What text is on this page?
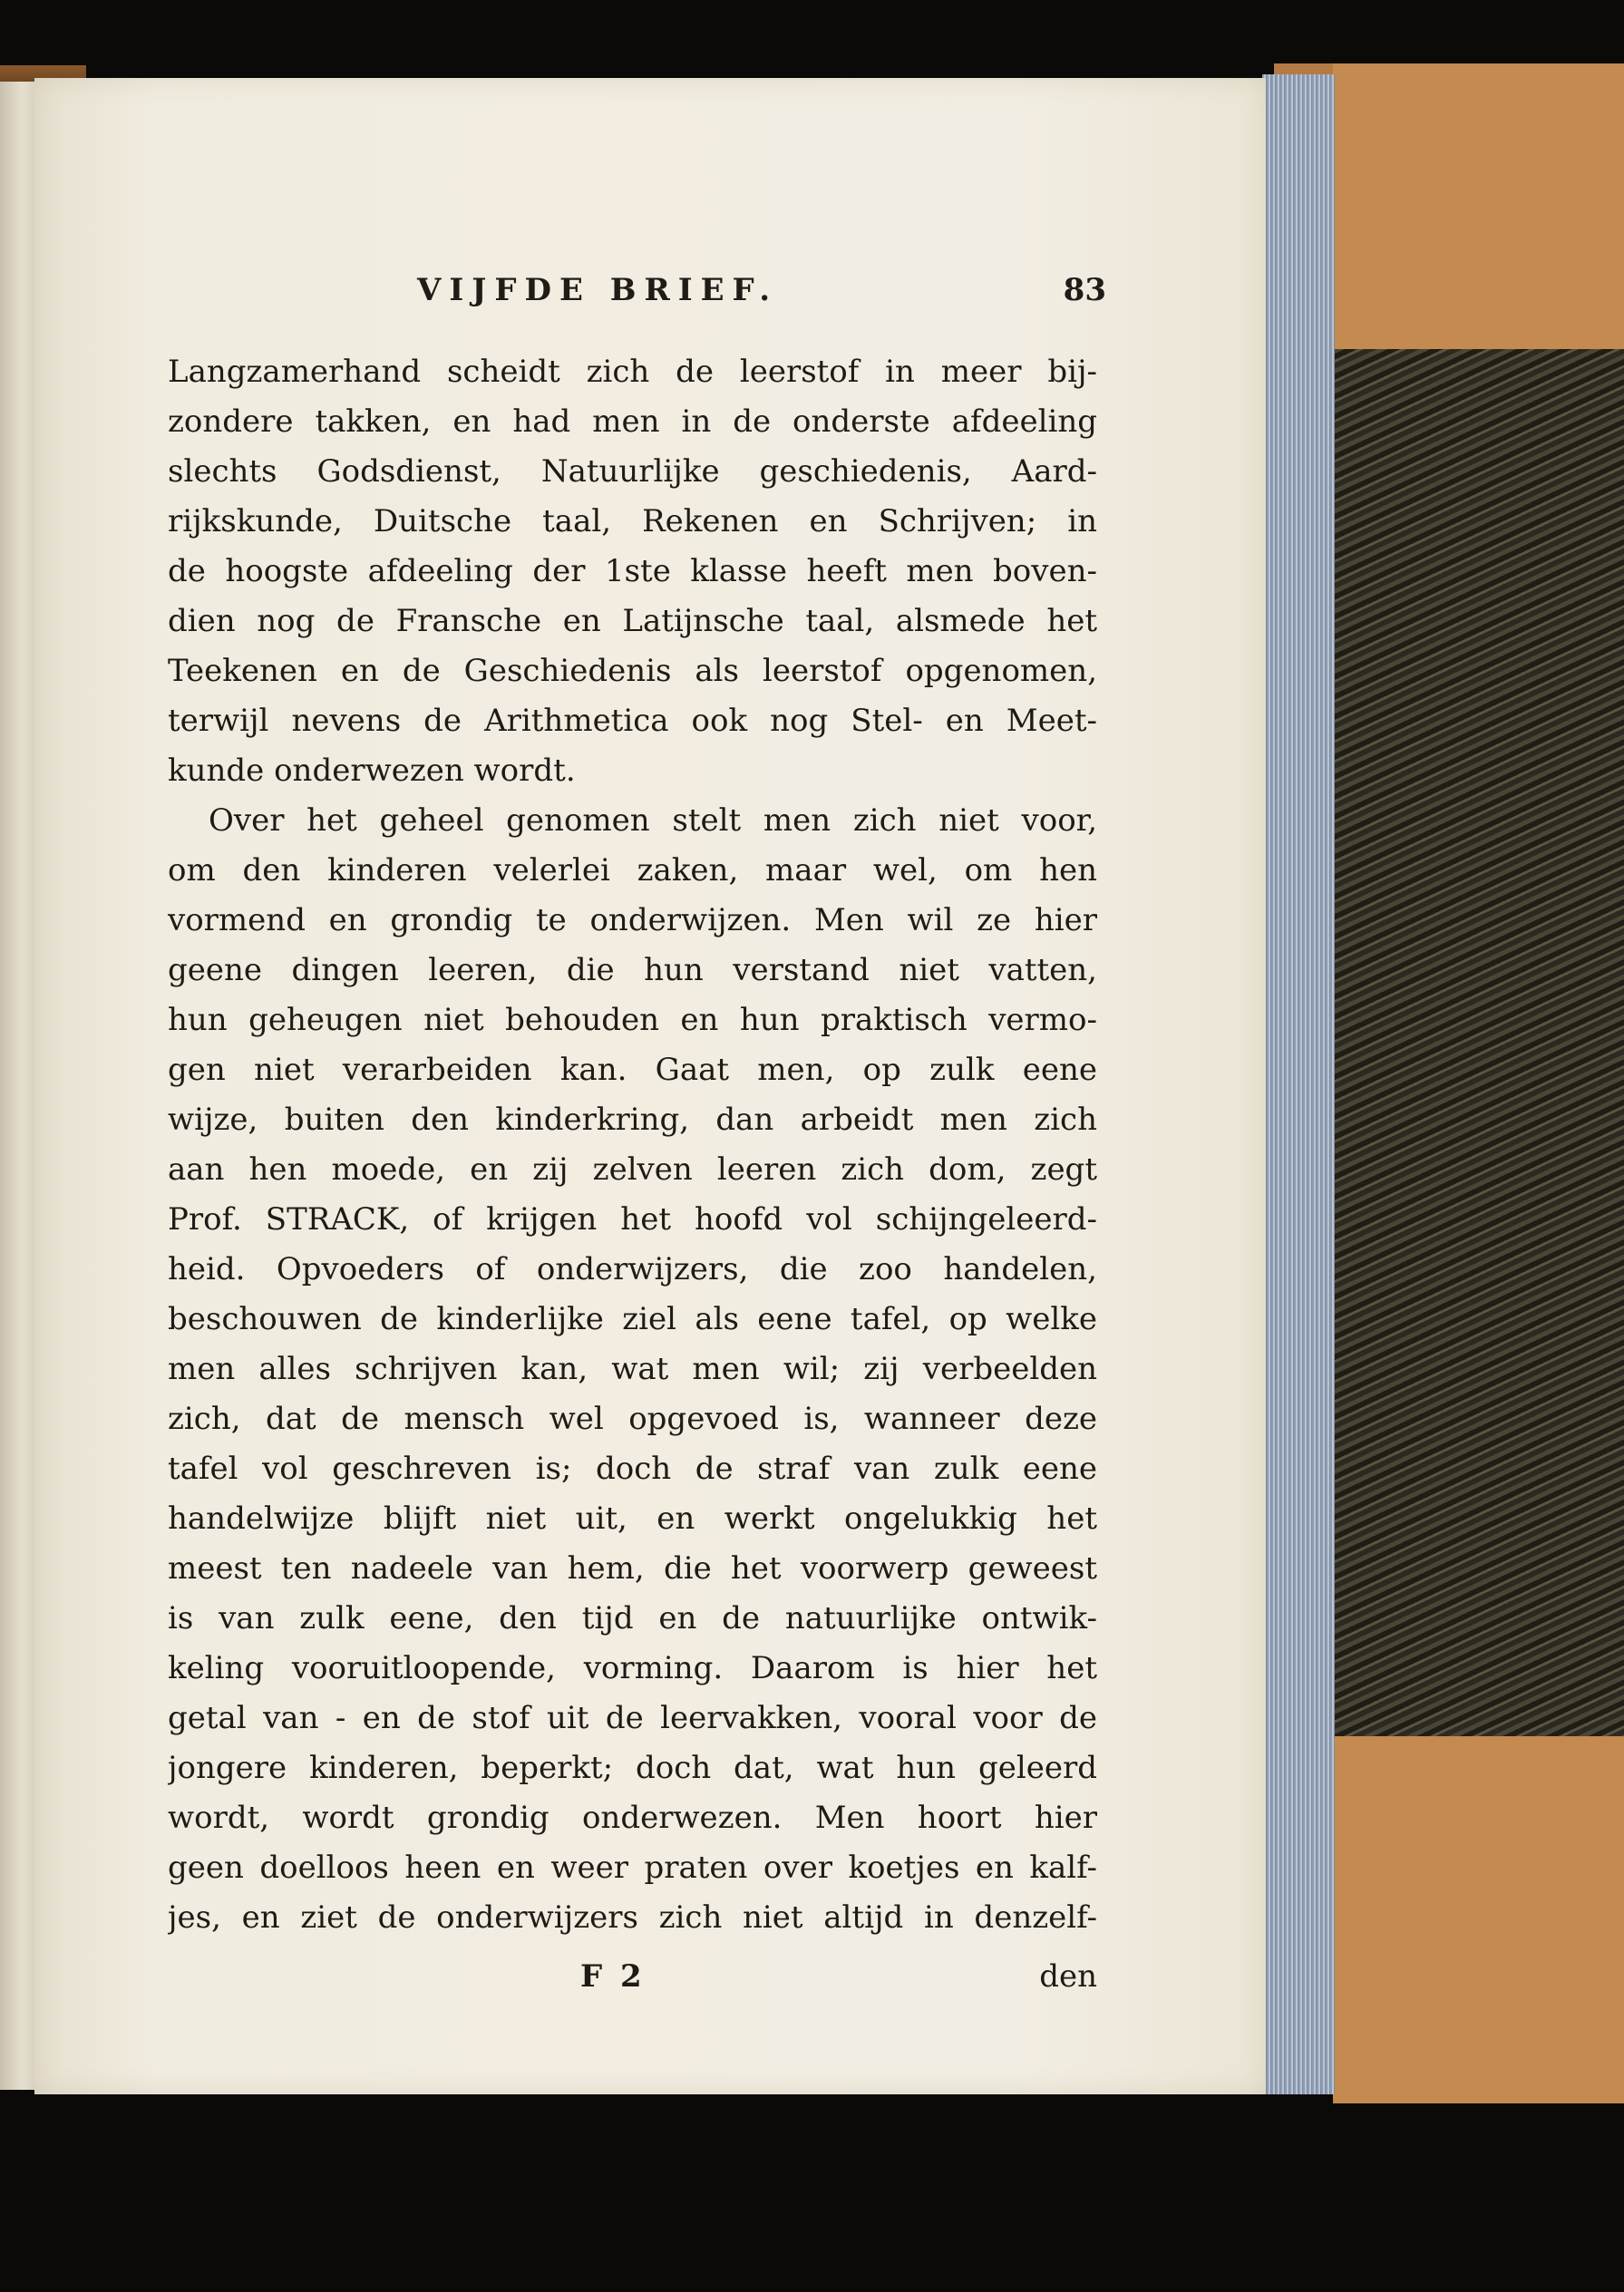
VIJFDE BRIEF.	83
Langzamerhand scheidt zich de leerstof in meer bij-
zondere takken, en had men in de onderste afdeeling
slechts Godsdienst, Natuurlijke geschiedenis, Aard-
rijkskunde, Duitsche taal, Rekenen en Schrijven; in
de hoogste afdeeling der 1ste klasse heeft men boven-
dien nog de Fransche en Latijnsche taal, alsmede het
Teekenen en de Geschiedenis als leerstof opgenomen,
terwijl nevens de Arithmetica ook nog Stel- en Meet-
kunde onderwezen wordt.
Over het geheel genomen stelt men zich niet voor,
om den kinderen velerlei zaken, maar wel, om hen
vormend en grondig te onderwijzen. Men wil ze hier
geene dingen leeren, die hun verstand niet vatten,
hun geheugen niet behouden en hun praktisch vermo-
gen niet verarbeiden kan. Gaat men, op zulk eene
wijze, buiten den kinderkring, dan arbeidt men zich
aan hen moede, en zij zelven leeren zich dom, zegt
Prof. STRACK, of krijgen het hoofd vol schijngeleerd-
heid. Opvoeders of onderwijzers, die zoo handelen,
beschouwen de kinderlijke ziel als eene tafel, op welke
men alles schrijven kan, wat men wil; zij verbeelden
zich, dat de mensch wel opgevoed is, wanneer deze
tafel vol geschreven is; doch de straf van zulk eene
handelwijze blijft niet uit, en werkt ongelukkig het
meest ten nadeele van hem, die het voorwerp geweest
is van zulk eene, den tijd en de natuurlijke ontwik-
keling vooruitloopende, vorming. Daarom is hier het
getal van - en de stof uit de leervakken, vooral voor de
jongere kinderen, beperkt; doch dat, wat hun geleerd
wordt, wordt grondig onderwezen. Men hoort hier
geen doelloos heen en weer praten over koetjes en kalf-
jes, en ziet de onderwijzers zich niet altijd in denzelf-
F 2	den
